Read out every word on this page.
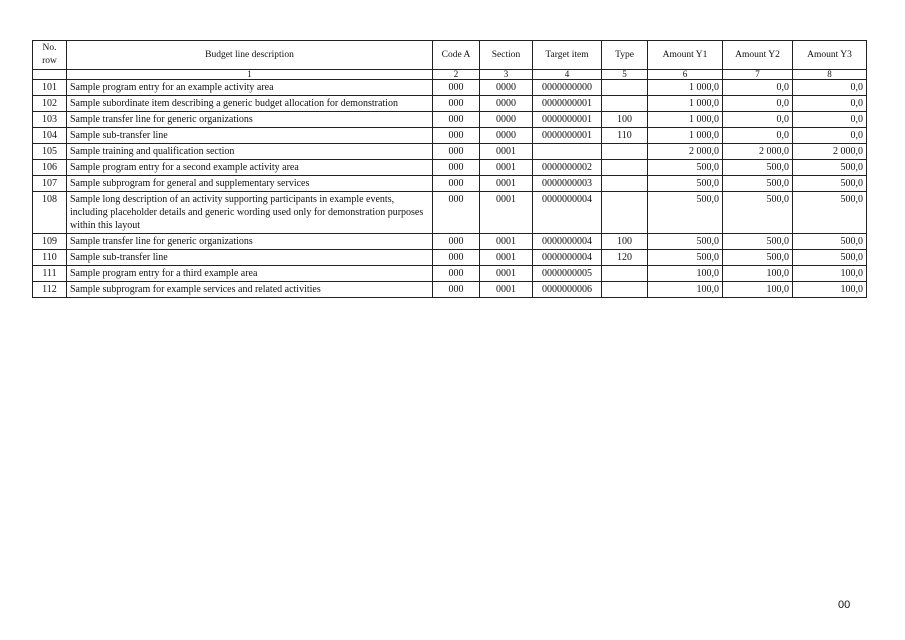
No. row	Budget line description	Code A	Section	Target item	Type	Amount Y1	Amount Y2	Amount Y3
	1	2	3	4	5	6	7	8
101	Sample program entry for an example activity area	000	0000	0000000000		1 000,0	0,0	0,0
102	Sample subordinate item describing a generic budget allocation for demonstration	000	0000	0000000001		1 000,0	0,0	0,0
103	Sample transfer line for generic organizations	000	0000	0000000001	100	1 000,0	0,0	0,0
104	Sample sub-transfer line	000	0000	0000000001	110	1 000,0	0,0	0,0
105	Sample training and qualification section	000	0001			2 000,0	2 000,0	2 000,0
106	Sample program entry for a second example activity area	000	0001	0000000002		500,0	500,0	500,0
107	Sample subprogram for general and supplementary services	000	0001	0000000003		500,0	500,0	500,0
108	Sample long description of an activity supporting participants in example events, including placeholder details and generic wording used only for demonstration purposes within this layout	000	0001	0000000004		500,0	500,0	500,0
109	Sample transfer line for generic organizations	000	0001	0000000004	100	500,0	500,0	500,0
110	Sample sub-transfer line	000	0001	0000000004	120	500,0	500,0	500,0
111	Sample program entry for a third example area	000	0001	0000000005		100,0	100,0	100,0
112	Sample subprogram for example services and related activities	000	0001	0000000006		100,0	100,0	100,0
00
